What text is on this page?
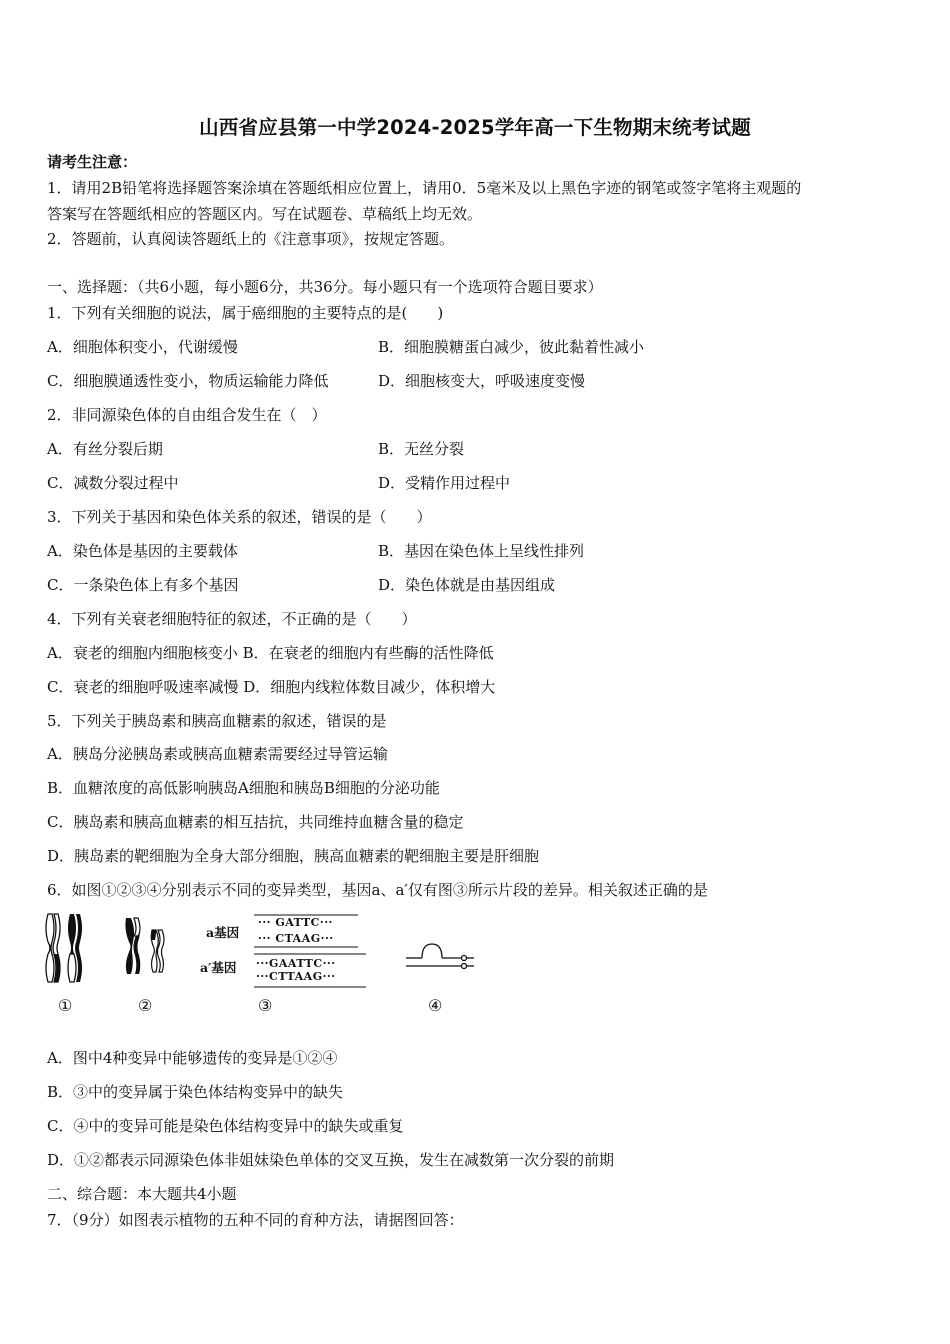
山西省应县第一中学2024-2025学年高一下生物期末统考试题
请考生注意：
1．请用2B铅笔将选择题答案涂填在答题纸相应位置上，请用0．5毫米及以上黑色字迹的钢笔或签字笔将主观题的
答案写在答题纸相应的答题区内。写在试题卷、草稿纸上均无效。
2．答题前，认真阅读答题纸上的《注意事项》，按规定答题。
一、选择题：（共6小题，每小题6分，共36分。每小题只有一个选项符合题目要求）
1．下列有关细胞的说法，属于癌细胞的主要特点的是(　　)
A．细胞体积变小，代谢缓慢	B．细胞膜糖蛋白减少，彼此黏着性减小
C．细胞膜通透性变小，物质运输能力降低	D．细胞核变大，呼吸速度变慢
2．非同源染色体的自由组合发生在（　）
A．有丝分裂后期	B．无丝分裂
C．减数分裂过程中	D．受精作用过程中
3．下列关于基因和染色体关系的叙述，错误的是（　　）
A．染色体是基因的主要载体	B．基因在染色体上呈线性排列
C．一条染色体上有多个基因	D．染色体就是由基因组成
4．下列有关衰老细胞特征的叙述，不正确的是（　　）
A．衰老的细胞内细胞核变小 B．在衰老的细胞内有些酶的活性降低
C．衰老的细胞呼吸速率减慢 D．细胞内线粒体数目减少，体积增大
5．下列关于胰岛素和胰高血糖素的叙述，错误的是
A．胰岛分泌胰岛素或胰高血糖素需要经过导管运输
B．血糖浓度的高低影响胰岛A细胞和胰岛B细胞的分泌功能
C．胰岛素和胰高血糖素的相互拮抗，共同维持血糖含量的稳定
D．胰岛素的靶细胞为全身大部分细胞，胰高血糖素的靶细胞主要是肝细胞
6．如图①②③④分别表示不同的变异类型，基因a、a′仅有图③所示片段的差异。相关叙述正确的是
a基因
··· GATTC···
··· CTAAG···
a′基因 ···GAATTC···
···CTTAAG···
①	②	③	④
A．图中4种变异中能够遗传的变异是①②④
B．③中的变异属于染色体结构变异中的缺失
C．④中的变异可能是染色体结构变异中的缺失或重复
D．①②都表示同源染色体非姐妹染色单体的交叉互换，发生在减数第一次分裂的前期
二、综合题：本大题共4小题
7．（9分）如图表示植物的五种不同的育种方法，请据图回答：
